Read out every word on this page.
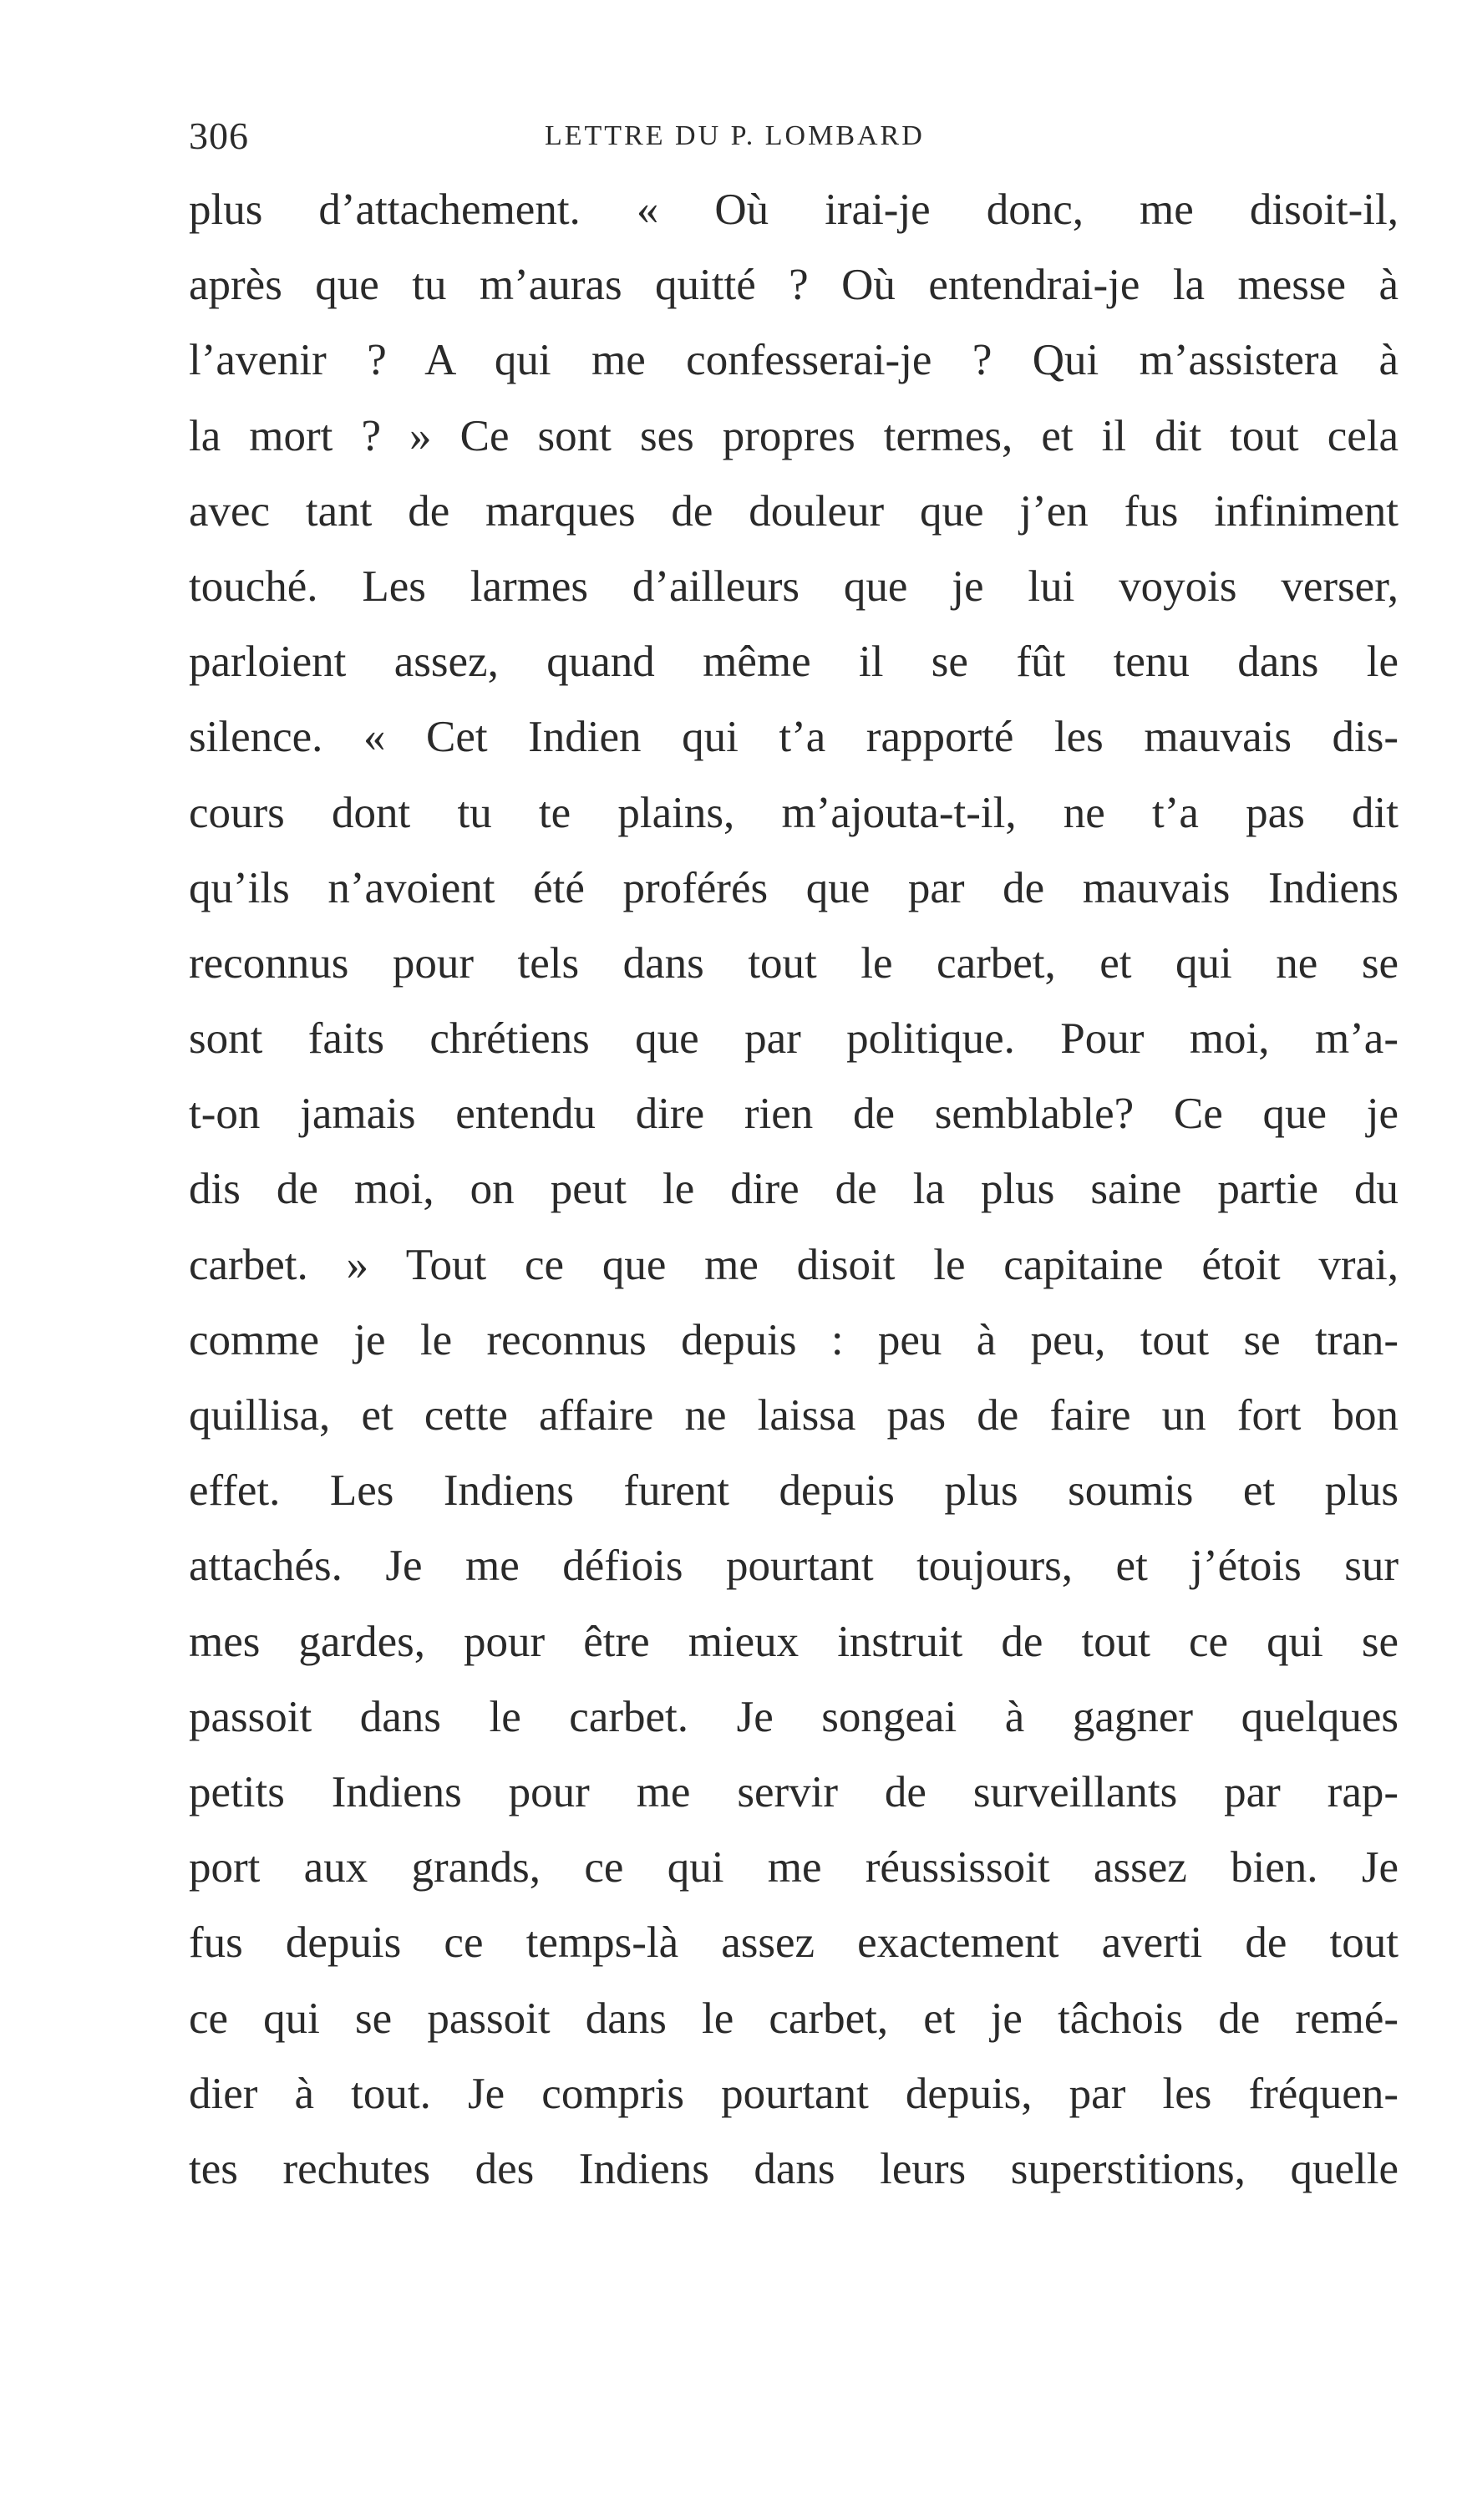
306	LETTRE DU P. LOMBARD
plus d’attachement. « Où irai-je donc, me disoit-il,
après que tu m’auras quitté ? Où entendrai-je la messe à
l’avenir ? A qui me confesserai-je ? Qui m’assistera à
la mort ? » Ce sont ses propres termes, et il dit tout cela
avec tant de marques de douleur que j’en fus infiniment
touché. Les larmes d’ailleurs que je lui voyois verser,
parloient assez, quand même il se fût tenu dans le
silence. « Cet Indien qui t’a rapporté les mauvais dis-
cours dont tu te plains, m’ajouta-t-il, ne t’a pas dit
qu’ils n’avoient été proférés que par de mauvais Indiens
reconnus pour tels dans tout le carbet, et qui ne se
sont faits chrétiens que par politique. Pour moi, m’a-
t-on jamais entendu dire rien de semblable? Ce que je
dis de moi, on peut le dire de la plus saine partie du
carbet. » Tout ce que me disoit le capitaine étoit vrai,
comme je le reconnus depuis : peu à peu, tout se tran-
quillisa, et cette affaire ne laissa pas de faire un fort bon
effet. Les Indiens furent depuis plus soumis et plus
attachés. Je me défiois pourtant toujours, et j’étois sur
mes gardes, pour être mieux instruit de tout ce qui se
passoit dans le carbet. Je songeai à gagner quelques
petits Indiens pour me servir de surveillants par rap-
port aux grands, ce qui me réussissoit assez bien. Je
fus depuis ce temps-là assez exactement averti de tout
ce qui se passoit dans le carbet, et je tâchois de remé-
dier à tout. Je compris pourtant depuis, par les fréquen-
tes rechutes des Indiens dans leurs superstitions, quelle
